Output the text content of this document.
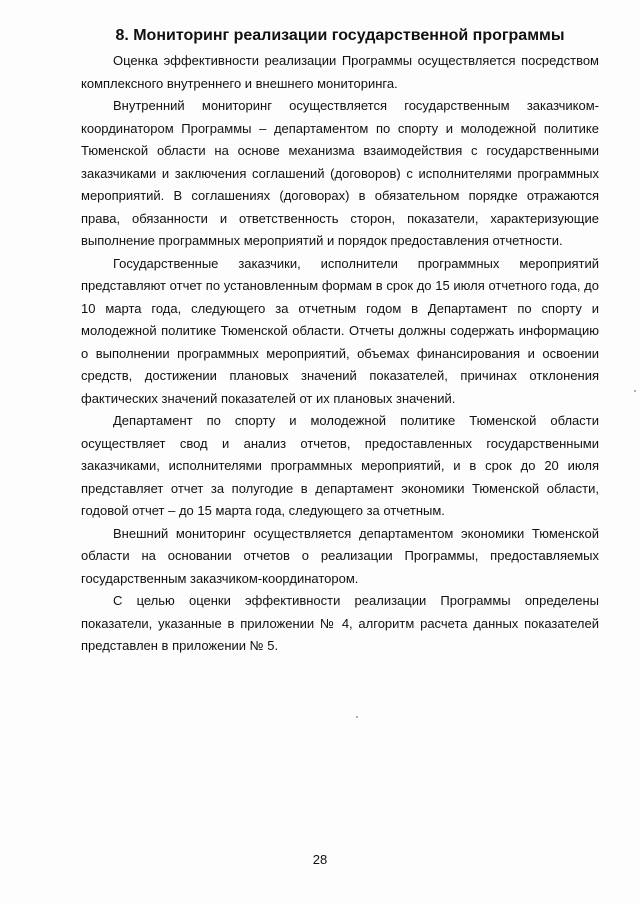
8. Мониторинг реализации государственной программы

Оценка эффективности реализации Программы осуществляется посредством комплексного внутреннего и внешнего мониторинга.

Внутренний мониторинг осуществляется государственным заказчиком-координатором Программы – департаментом по спорту и молодежной политике Тюменской области на основе механизма взаимодействия с государственными заказчиками и заключения соглашений (договоров) с исполнителями программных мероприятий. В соглашениях (договорах) в обязательном порядке отражаются права, обязанности и ответственность сторон, показатели, характеризующие выполнение программных мероприятий и порядок предоставления отчетности.

Государственные заказчики, исполнители программных мероприятий представляют отчет по установленным формам в срок до 15 июля отчетного года, до 10 марта года, следующего за отчетным годом в Департамент по спорту и молодежной политике Тюменской области. Отчеты должны содержать информацию о выполнении программных мероприятий, объемах финансирования и освоении средств, достижении плановых значений показателей, причинах отклонения фактических значений показателей от их плановых значений.

Департамент по спорту и молодежной политике Тюменской области осуществляет свод и анализ отчетов, предоставленных государственными заказчиками, исполнителями программных мероприятий, и в срок до 20 июля представляет отчет за полугодие в департамент экономики Тюменской области, годовой отчет – до 15 марта года, следующего за отчетным.

Внешний мониторинг осуществляется департаментом экономики Тюменской области на основании отчетов о реализации Программы, предоставляемых государственным заказчиком-координатором.

С целью оценки эффективности реализации Программы определены показатели, указанные в приложении № 4, алгоритм расчета данных показателей представлен в приложении № 5.

28
